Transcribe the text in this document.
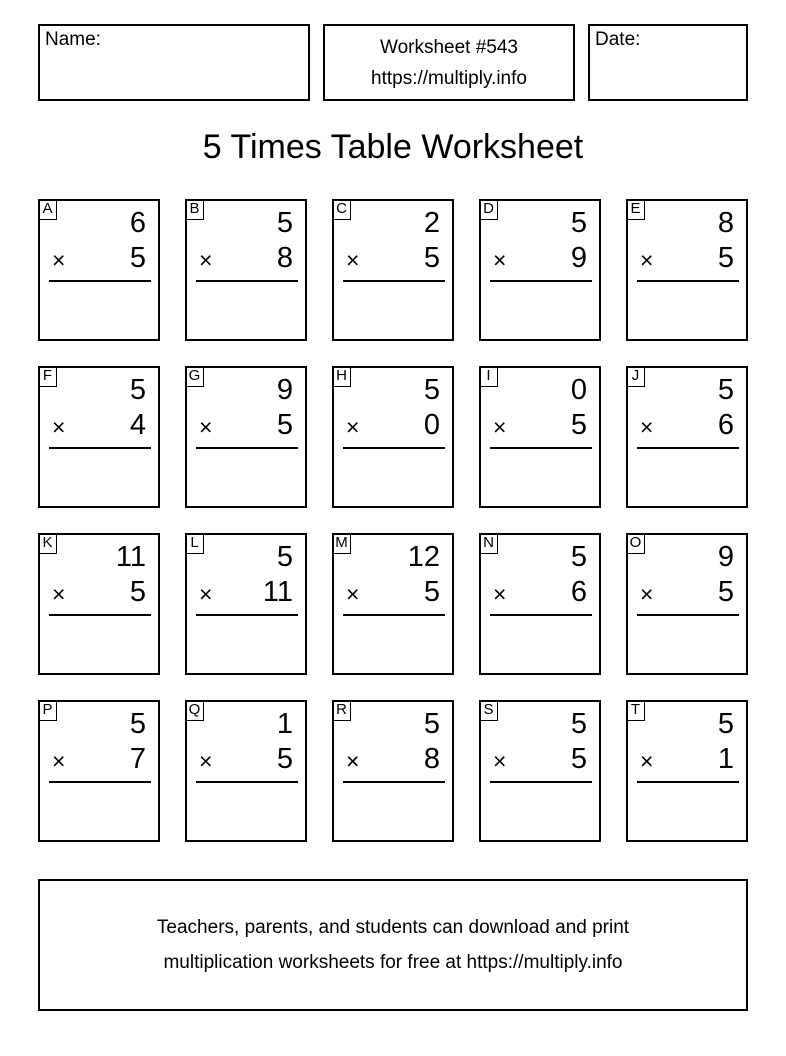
Name:	Worksheet #543
https://multiply.info
Date:
5 Times Table Worksheet
A	6
× 5
B	5
× 8
C	2
× 5
D	5
× 9
E	8
× 5
F	5
× 4
G	9
× 5
H	5
× 0
I	0
× 5
J	5
× 6
K 11
× 5
L	5
× 11
M 12
× 5
N	5
× 6
O	9
× 5
P	5
× 7
Q	1
× 5
R	5
× 8
S	5
× 5
T	5
× 1
Teachers, parents, and students can download and print
multiplication worksheets for free at https://multiply.info
